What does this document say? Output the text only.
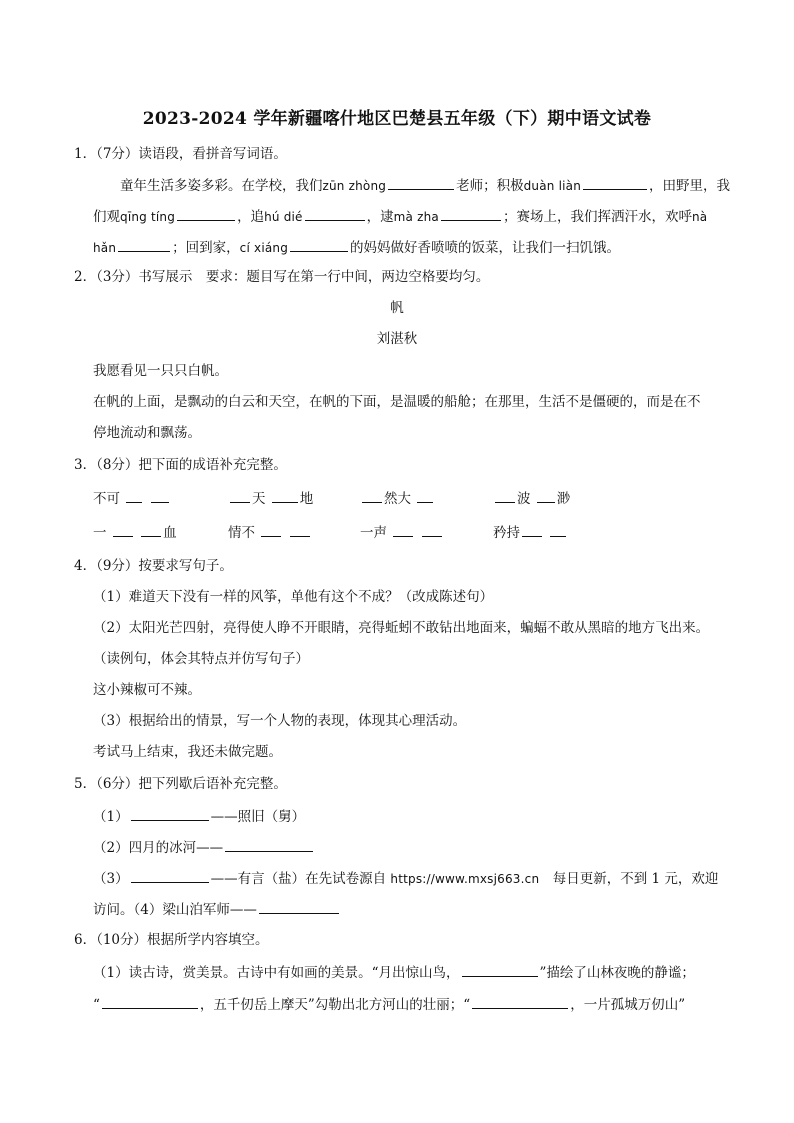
2023-2024 学年新疆喀什地区巴楚县五年级（下）期中语文试卷
1．（7分）读语段，看拼音写词语。
童年生活多姿多彩。在学校，我们zūn zhòng	老师；积极duàn liàn	，田野里，我
们观qīng tíng	，追hú dié	，逮mà zha	；赛场上，我们挥洒汗水，欢呼nà
hǎn	；回到家，cí xiáng	的妈妈做好香喷喷的饭菜，让我们一扫饥饿。
2．（3分）书写展示　要求：题目写在第一行中间，两边空格要均匀。
帆
刘湛秋
我愿看见一只只白帆。
在帆的上面，是飘动的白云和天空，在帆的下面，是温暖的船舱；在那里，生活不是僵硬的，而是在不
停地流动和飘荡。
3．（8分）把下面的成语补充完整。
不可	天	地	然大	波 渺
一	血	情不	一声	矜持
4．（9分）按要求写句子。
（1）难道天下没有一样的风筝，单他有这个不成？（改成陈述句）
（2）太阳光芒四射，亮得使人睁不开眼睛，亮得蚯蚓不敢钻出地面来，蝙蝠不敢从黑暗的地方飞出来。
（读例句，体会其特点并仿写句子）
这小辣椒可不辣。
（3）根据给出的情景，写一个人物的表现，体现其心理活动。
考试马上结束，我还未做完题。
5．（6分）把下列歇后语补充完整。
（1）	——照旧（舅）
（2）四月的冰河——
（3）	——有言（盐）在先试卷源自 https://www.mxsj663.cn　 每日更新，不到 1 元，欢迎
访问。（4）梁山泊军师——
6．（10分）根据所学内容填空。
（1）读古诗，赏美景。古诗中有如画的美景。“月出惊山鸟，	”描绘了山林夜晚的静谧；
“	，五千仞岳上摩天”勾勒出北方河山的壮丽；“	，一片孤城万仞山”
